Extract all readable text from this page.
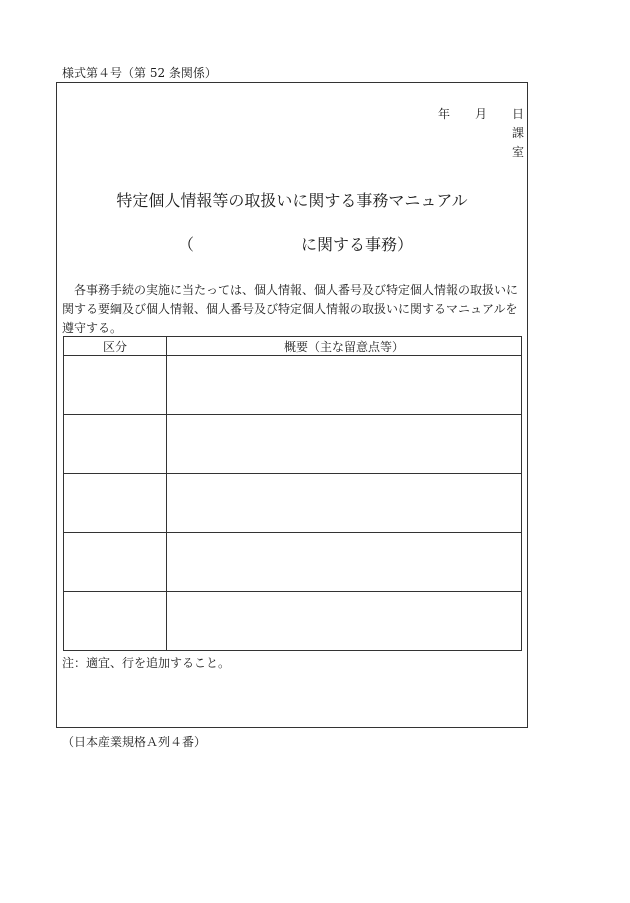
様式第４号（第 52 条関係）
年 月 日
課
室
特定個人情報等の取扱いに関する事務マニュアル
（	に関する事務）
　各事務手続の実施に当たっては、個人情報、個人番号及び特定個人情報の取扱いに関する要綱及び個人情報、個人番号及び特定個人情報の取扱いに関するマニュアルを遵守する。
区分	概要（主な留意点等）

注：適宜、行を追加すること。
（日本産業規格Ａ列４番）
